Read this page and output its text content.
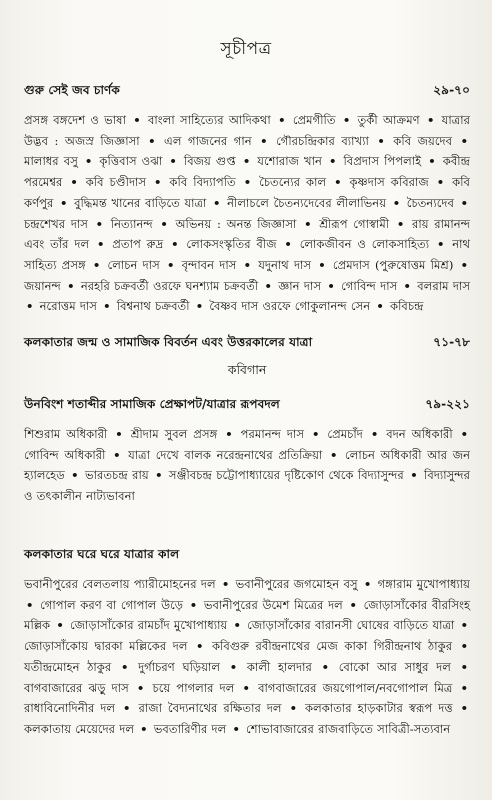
সূচীপত্র
গুরু সেই জব চার্ণক	২৯-৭০
প্রসঙ্গ বঙ্গদেশ ও ভাষা • বাংলা সাহিত্যের আদিকথা • প্রেমগীতি • তুর্কী আক্রমণ • যাত্রার উদ্ভব : অজস্র জিজ্ঞাসা • এল গাজনের গান • গৌরচন্দ্রিকার ব্যাখ্যা • কবি জয়দেব • মালাধর বসু • কৃত্তিবাস ওঝা • বিজয় গুপ্ত • যশোরাজ খান • বিপ্রদাস পিপলাই • কবীন্দ্র পরমেশ্বর • কবি চণ্ডীদাস • কবি বিদ্যাপতি • চৈতন্যের কাল • কৃষ্ণদাস কবিরাজ • কবি কর্ণপুর • বুদ্ধিমন্ত খানের বাড়িতে যাত্রা • নীলাচলে চৈতন্যদেবের লীলাভিনয় • চৈতন্যদেব • চন্দ্রশেখর দাস • নিত্যানন্দ • অভিনয় : অনন্ত জিজ্ঞাসা • শ্রীরূপ গোস্বামী • রায় রামানন্দ এবং তাঁর দল • প্রতাপ রুদ্র • লোকসংস্কৃতির বীজ • লোকজীবন ও লোকসাহিত্য • নাথ সাহিত্য প্রসঙ্গ • লোচন দাস • বৃন্দাবন দাস • যদুনাথ দাস • প্রেমদাস (পুরুষোত্তম মিশ্র) • জয়ানন্দ • নরহরি চক্রবর্তী ওরফে ঘনশ্যাম চক্রবর্তী • জ্ঞান দাস • গোবিন্দ দাস • বলরাম দাস • নরোত্তম দাস • বিশ্বনাথ চক্রবর্তী • বৈষ্ণব দাস ওরফে গোকুলানন্দ সেন • কবিচন্দ্র
কলকাতার জন্ম ও সামাজিক বিবর্তন এবং উত্তরকালের যাত্রা	৭১-৭৮
কবিগান
উনবিংশ শতাব্দীর সামাজিক প্রেক্ষাপট/যাত্রার রূপবদল	৭৯-২২১
শিশুরাম অধিকারী • শ্রীদাম সুবল প্রসঙ্গ • পরমানন্দ দাস • প্রেমচাঁদ • বদন অধিকারী • গোবিন্দ অধিকারী • যাত্রা দেখে বালক নরেন্দ্রনাথের প্রতিক্রিয়া • লোচন অধিকারী আর জন হ্যালহেড • ভারতচন্দ্র রায় • সঞ্জীবচন্দ্র চট্টোপাধ্যায়ের দৃষ্টিকোণ থেকে বিদ্যাসুন্দর • বিদ্যাসুন্দর ও তৎকালীন নাট্যভাবনা
কলকাতার ঘরে ঘরে যাত্রার কাল
ভবানীপুরের বেলতলায় প্যারীমোহনের দল • ভবানীপুরের জগমোহন বসু • গঙ্গারাম মুখোপাধ্যায় • গোপাল করণ বা গোপাল উড়ে • ভবানীপুরের উমেশ মিত্রের দল • জোড়াসাঁকোর বীরসিংহ মল্লিক • জোড়াসাঁকোর রামচাঁদ মুখোপাধ্যায় • জোড়াসাঁকোর বারানসী ঘোষের বাড়িতে যাত্রা • জোড়াসাঁকোয় দ্বারকা মল্লিকের দল • কবিগুরু রবীন্দ্রনাথের মেজ কাকা গিরীন্দ্রনাথ ঠাকুর • যতীন্দ্রমোহন ঠাকুর • দুর্গাচরণ ঘড়িয়াল • কালী হালদার • বোকো আর সাধুর দল • বাগবাজারের ঝড়ু দাস • চয়ে পাগলার দল • বাগবাজারের জয়গোপাল/নবগোপাল মিত্র • রাধাবিনোদিনীর দল • রাজা বৈদ্যনাথের রক্ষিতার দল • কলকাতার হাড়কাটার স্বরূপ দত্ত • কলকাতায় মেয়েদের দল • ভবতারিণীর দল • শোভাবাজারের রাজবাড়িতে সাবিত্রী-সত্যবান
